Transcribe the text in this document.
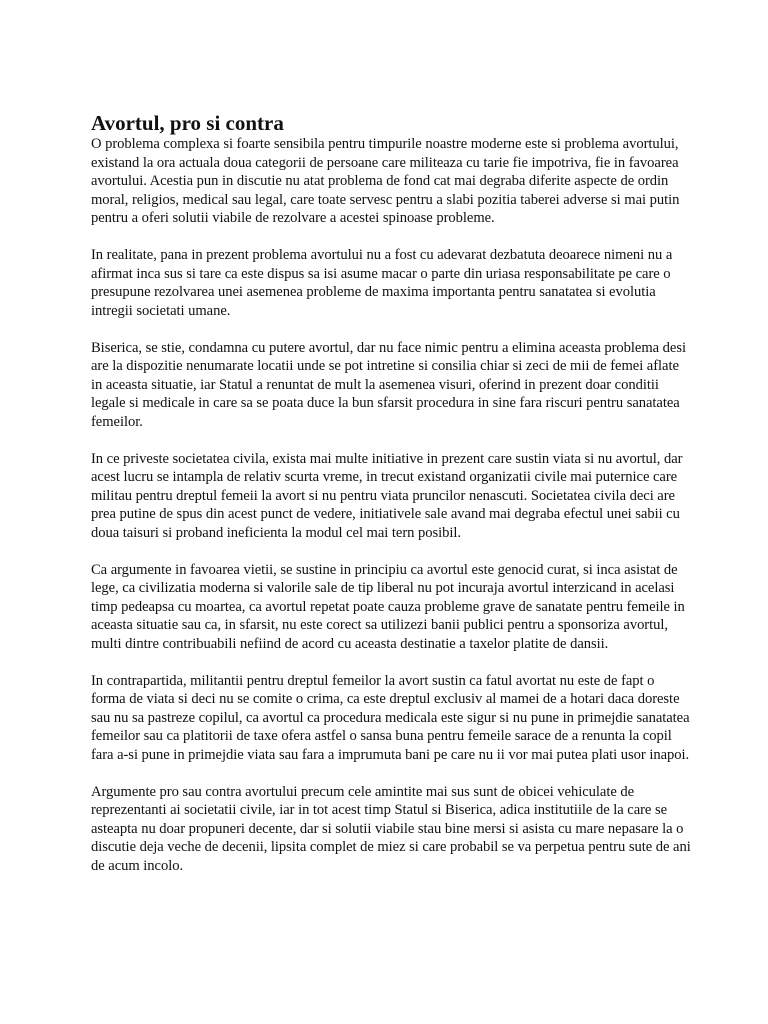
Avortul, pro si contra

O problema complexa si foarte sensibila pentru timpurile noastre moderne este si problema avortului, existand la ora actuala doua categorii de persoane care militeaza cu tarie fie impotriva, fie in favoarea avortului. Acestia pun in discutie nu atat problema de fond cat mai degraba diferite aspecte de ordin moral, religios, medical sau legal, care toate servesc pentru a slabi pozitia taberei adverse si mai putin pentru a oferi solutii viabile de rezolvare a acestei spinoase probleme.

In realitate, pana in prezent problema avortului nu a fost cu adevarat dezbatuta deoarece nimeni nu a afirmat inca sus si tare ca este dispus sa isi asume macar o parte din uriasa responsabilitate pe care o presupune rezolvarea unei asemenea probleme de maxima importanta pentru sanatatea si evolutia intregii societati umane.

Biserica, se stie, condamna cu putere avortul, dar nu face nimic pentru a elimina aceasta problema desi are la dispozitie nenumarate locatii unde se pot intretine si consilia chiar si zeci de mii de femei aflate in aceasta situatie, iar Statul a renuntat de mult la asemenea visuri, oferind in prezent doar conditii legale si medicale in care sa se poata duce la bun sfarsit procedura in sine fara riscuri pentru sanatatea femeilor.

In ce priveste societatea civila, exista mai multe initiative in prezent care sustin viata si nu avortul, dar acest lucru se intampla de relativ scurta vreme, in trecut existand organizatii civile mai puternice care militau pentru dreptul femeii la avort si nu pentru viata pruncilor nenascuti. Societatea civila deci are prea putine de spus din acest punct de vedere, initiativele sale avand mai degraba efectul unei sabii cu doua taisuri si proband ineficienta la modul cel mai tern posibil.

Ca argumente in favoarea vietii, se sustine in principiu ca avortul este genocid curat, si inca asistat de lege, ca civilizatia moderna si valorile sale de tip liberal nu pot incuraja avortul interzicand in acelasi timp pedeapsa cu moartea, ca avortul repetat poate cauza probleme grave de sanatate pentru femeile in aceasta situatie sau ca, in sfarsit, nu este corect sa utilizezi banii publici pentru a sponsoriza avortul, multi dintre contribuabili nefiind de acord cu aceasta destinatie a taxelor platite de dansii.

In contrapartida, militantii pentru dreptul femeilor la avort sustin ca fatul avortat nu este de fapt o forma de viata si deci nu se comite o crima, ca este dreptul exclusiv al mamei de a hotari daca doreste sau nu sa pastreze copilul, ca avortul ca procedura medicala este sigur si nu pune in primejdie sanatatea femeilor sau ca platitorii de taxe ofera astfel o sansa buna pentru femeile sarace de a renunta la copil fara a-si pune in primejdie viata sau fara a imprumuta bani pe care nu ii vor mai putea plati usor inapoi.

Argumente pro sau contra avortului precum cele amintite mai sus sunt de obicei vehiculate de reprezentanti ai societatii civile, iar in tot acest timp Statul si Biserica, adica institutiile de la care se asteapta nu doar propuneri decente, dar si solutii viabile stau bine mersi si asista cu mare nepasare la o discutie deja veche de decenii, lipsita complet de miez si care probabil se va perpetua pentru sute de ani de acum incolo.
